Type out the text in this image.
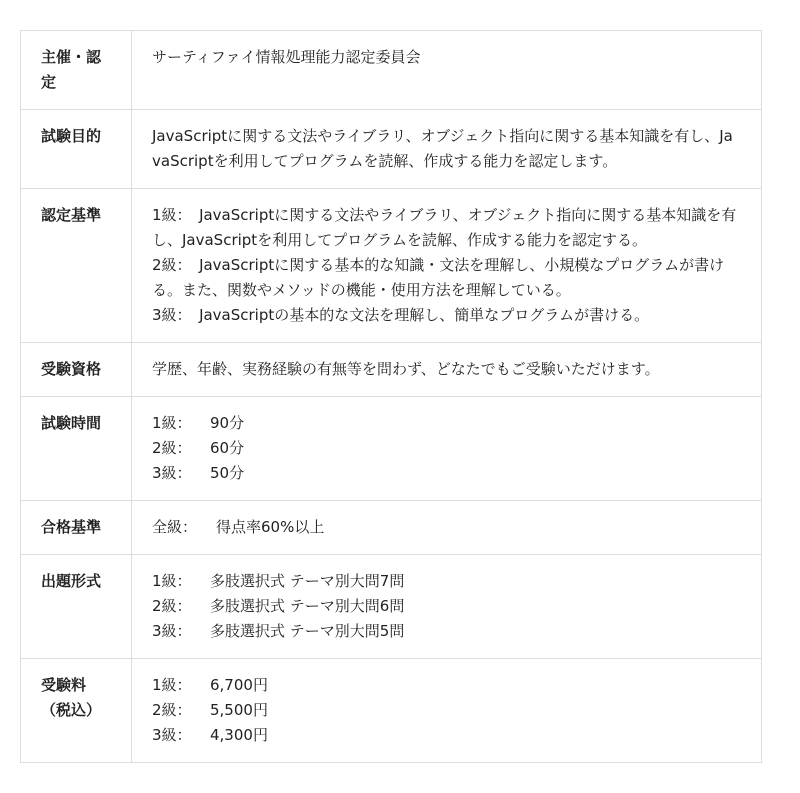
主催・認定	サーティファイ情報処理能力認定委員会
試験目的	JavaScriptに関する文法やライブラリ、オブジェクト指向に関する基本知識を有し、JavaScriptを利用してプログラムを読解、作成する能力を認定します。
認定基準	1級：　 JavaScriptに関する文法やライブラリ、オブジェクト指向に関する基本知識を有し、JavaScriptを利用してプログラムを読解、作成する能力を認定する。
2級：　 JavaScriptに関する基本的な知識・文法を理解し、小規模なプログラムが書ける。また、関数やメソッドの機能・使用方法を理解している。
3級：　 JavaScriptの基本的な文法を理解し、簡単なプログラムが書ける。

受験資格	学歴、年齢、実務経験の有無等を問わず、どなたでもご受験いただけます。
試験時間	1級： 90分
2級： 60分
3級： 50分

合格基準	全級： 得点率60%以上

出題形式	1級： 多肢選択式 テーマ別大問7問
2級： 多肢選択式 テーマ別大問6問
3級： 多肢選択式 テーマ別大問5問

受験料（税込）	1級： 6,700円
2級： 5,500円
3級： 4,300円
